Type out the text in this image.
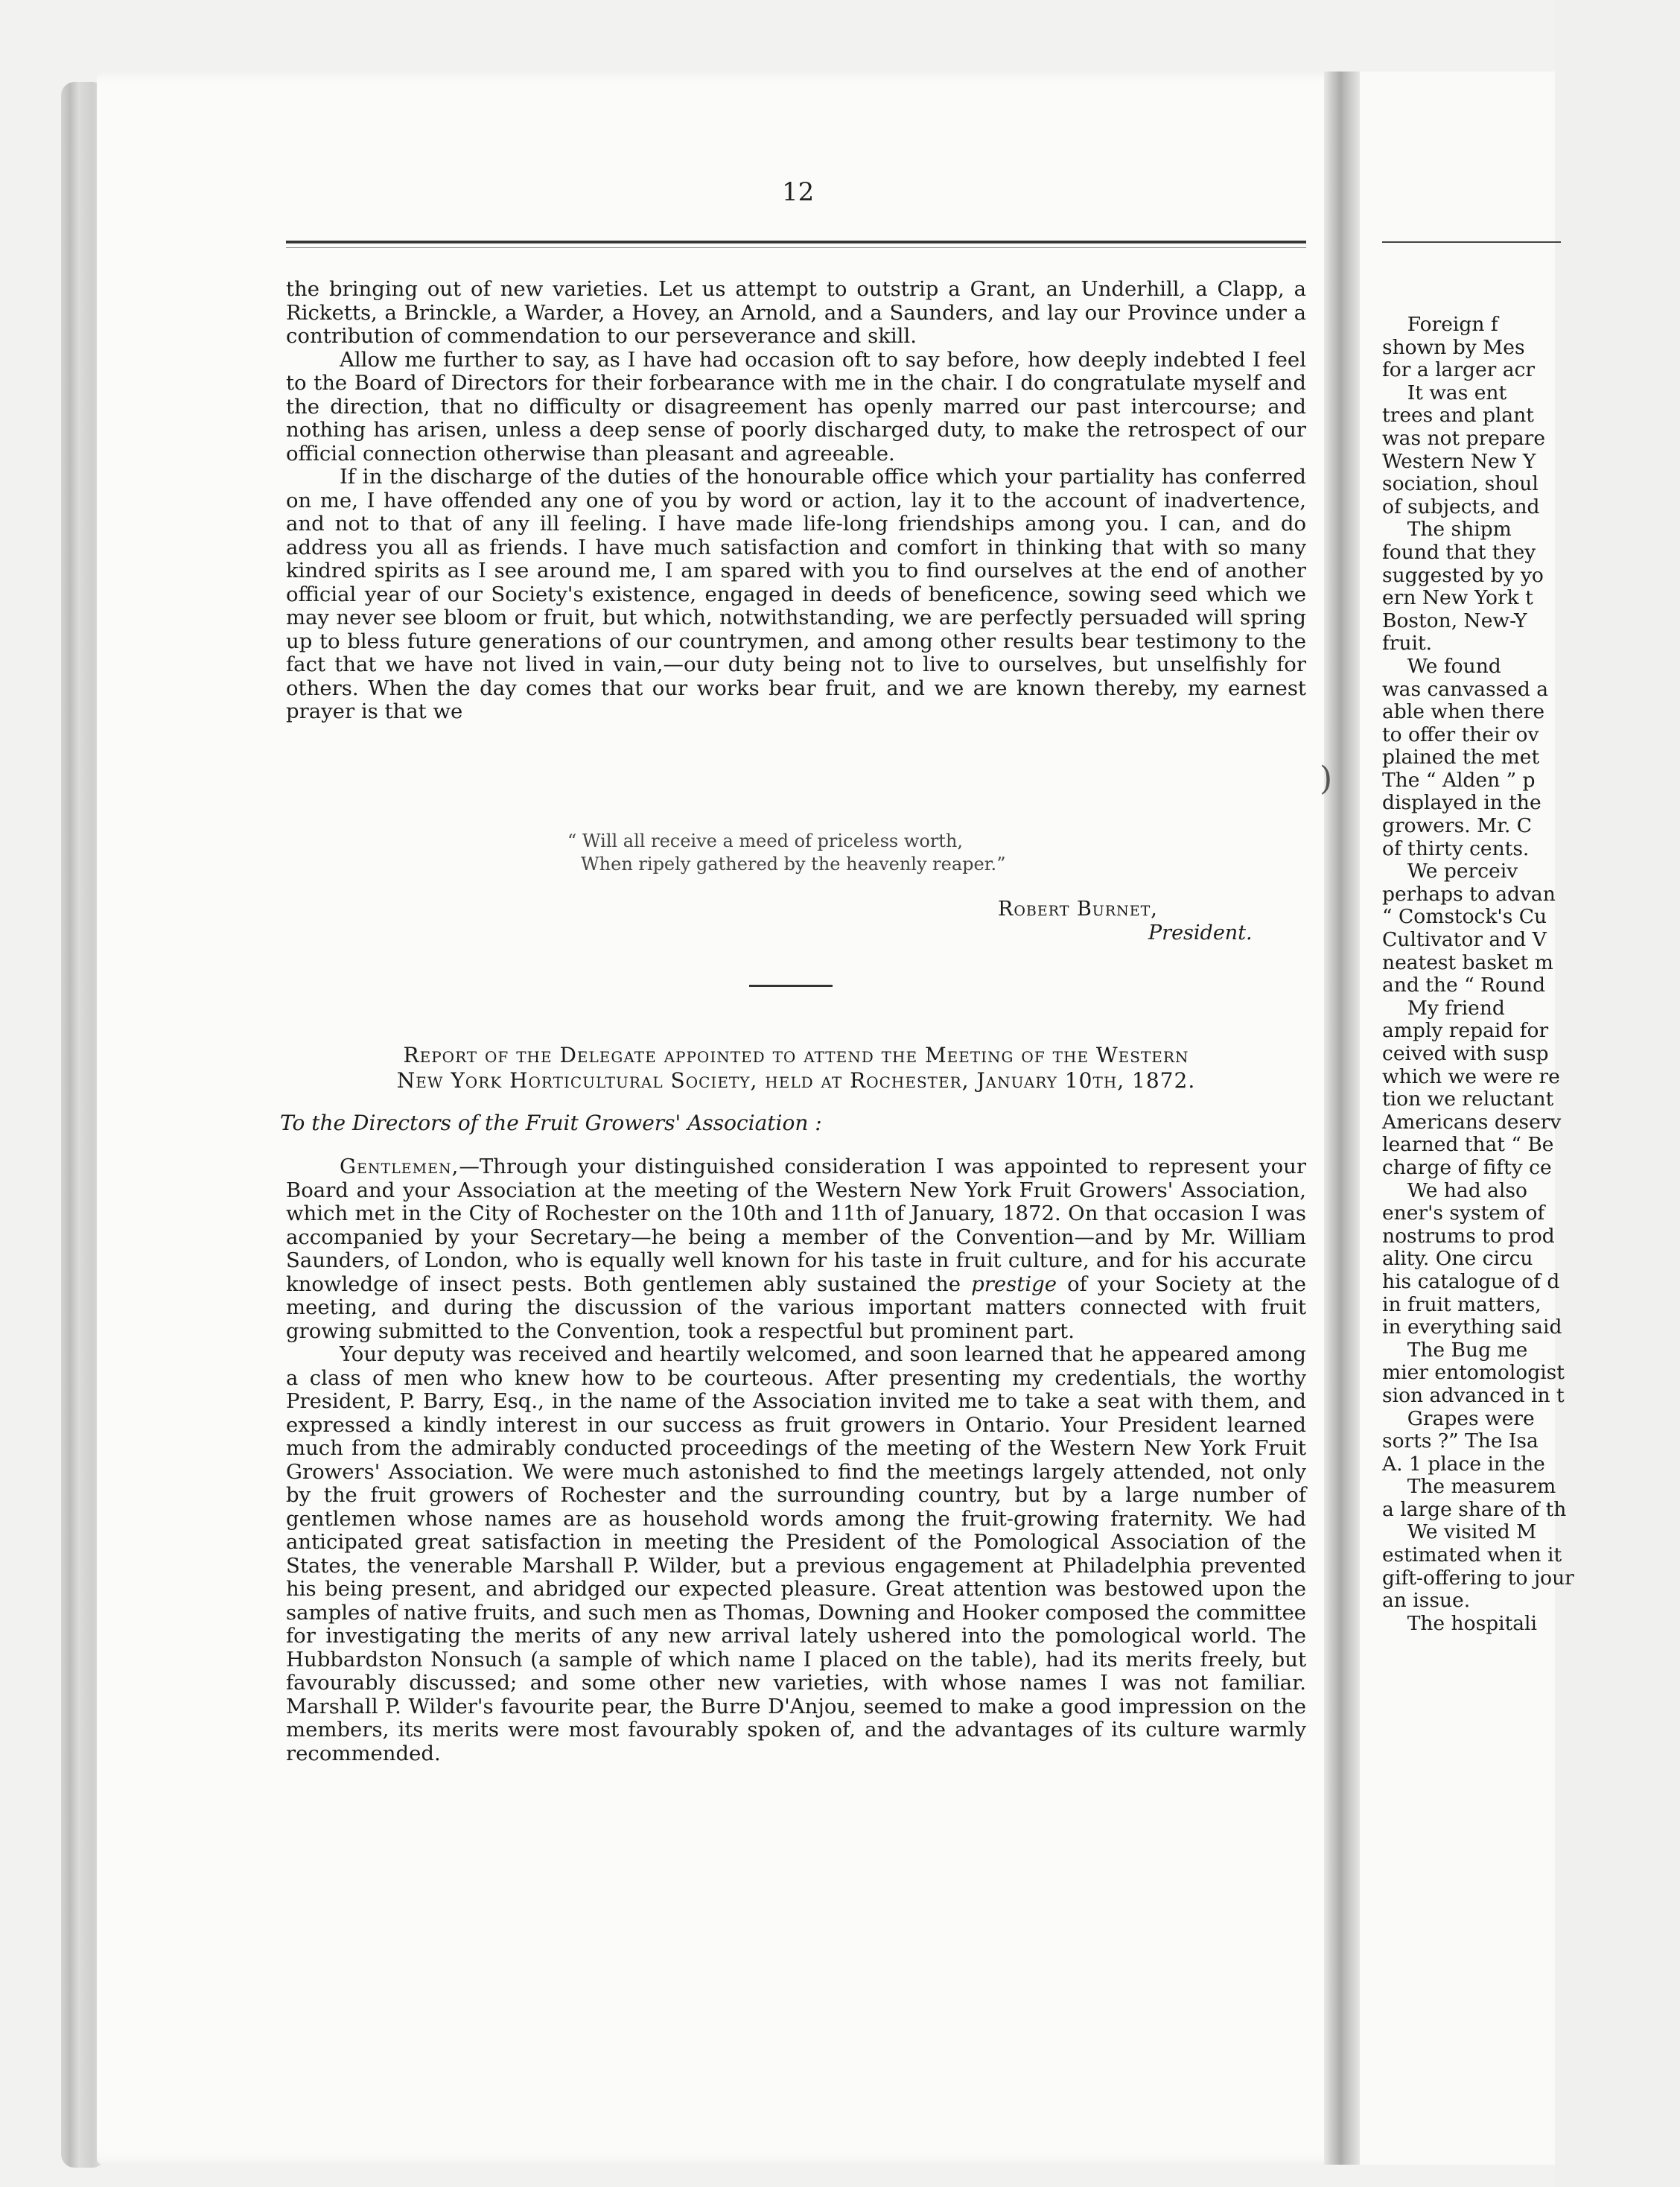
Foreign f
shown by Mes
for a larger acr
It was ent
trees and plant
was not prepare
Western New Y
sociation, shoul
of subjects, and
The shipm
found that they
suggested by yo
ern New York t
Boston, New-Y
fruit.
We found
was canvassed a
able when there
to offer their ov
plained the met
The “ Alden ” p
displayed in the
growers. Mr. C
of thirty cents.
We perceiv
perhaps to advan
“ Comstock's Cu
Cultivator and V
neatest basket m
and the “ Round
My friend
amply repaid for
ceived with susp
which we were re
tion we reluctant
Americans deserv
learned that “ Be
charge of fifty ce
We had also
ener's system of
nostrums to prod
ality. One circu
his catalogue of d
in fruit matters,
in everything said
The Bug me
mier entomologist
sion advanced in t
Grapes were
sorts ?” The Isa
A. 1 place in the
The measurem
a large share of th
We visited M
estimated when it
gift-offering to jour
an issue.
The hospitali
12

the bringing out of new varieties. Let us attempt to outstrip a Grant, an Underhill, a Clapp, a Ricketts, a Brinckle, a Warder, a Hovey, an Arnold, and a Saunders, and lay our Province under a contribution of commendation to our perseverance and skill.

Allow me further to say, as I have had occasion oft to say before, how deeply indebted I feel to the Board of Directors for their forbearance with me in the chair. I do congratulate myself and the direction, that no difficulty or disagreement has openly marred our past intercourse; and nothing has arisen, unless a deep sense of poorly discharged duty, to make the retrospect of our official connection otherwise than pleasant and agreeable.

If in the discharge of the duties of the honourable office which your partiality has conferred on me, I have offended any one of you by word or action, lay it to the account of inadvertence, and not to that of any ill feeling. I have made life-long friendships among you. I can, and do address you all as friends. I have much satisfaction and comfort in thinking that with so many kindred spirits as I see around me, I am spared with you to find ourselves at the end of another official year of our Society's existence, engaged in deeds of beneficence, sowing seed which we may never see bloom or fruit, but which, notwithstanding, we are perfectly persuaded will spring up to bless future generations of our countrymen, and among other results bear testimony to the fact that we have not lived in vain,—our duty being not to live to ourselves, but unselfishly for others. When the day comes that our works bear fruit, and we are known thereby, my earnest prayer is that we

“ Will all receive a meed of priceless worth,
When ripely gathered by the heavenly reaper.”
Robert Burnet,
President.
Report of the Delegate appointed to attend the Meeting of the Western
New York Horticultural Society, held at Rochester, January 10th, 1872.
To the Directors of the Fruit Growers' Association :

Gentlemen,—Through your distinguished consideration I was appointed to represent your Board and your Association at the meeting of the Western New York Fruit Growers' Association, which met in the City of Rochester on the 10th and 11th of January, 1872. On that occasion I was accompanied by your Secretary—he being a member of the Convention—and by Mr. William Saunders, of London, who is equally well known for his taste in fruit culture, and for his accurate knowledge of insect pests. Both gentlemen ably sustained the prestige of your Society at the meeting, and during the discussion of the various important matters connected with fruit growing submitted to the Convention, took a respectful but prominent part.

Your deputy was received and heartily welcomed, and soon learned that he appeared among a class of men who knew how to be courteous. After presenting my credentials, the worthy President, P. Barry, Esq., in the name of the Association invited me to take a seat with them, and expressed a kindly interest in our success as fruit growers in Ontario. Your President learned much from the admirably conducted proceedings of the meeting of the Western New York Fruit Growers' Association. We were much astonished to find the meetings largely attended, not only by the fruit growers of Rochester and the surrounding country, but by a large number of gentlemen whose names are as household words among the fruit-growing fraternity. We had anticipated great satisfaction in meeting the President of the Pomological Association of the States, the venerable Marshall P. Wilder, but a previous engagement at Philadelphia prevented his being present, and abridged our expected pleasure. Great attention was bestowed upon the samples of native fruits, and such men as Thomas, Downing and Hooker composed the committee for investigating the merits of any new arrival lately ushered into the pomological world. The Hubbardston Nonsuch (a sample of which name I placed on the table), had its merits freely, but favourably discussed; and some other new varieties, with whose names I was not familiar. Marshall P. Wilder's favourite pear, the Burre D'Anjou, seemed to make a good impression on the members, its merits were most favourably spoken of, and the advantages of its culture warmly recommended.

)
